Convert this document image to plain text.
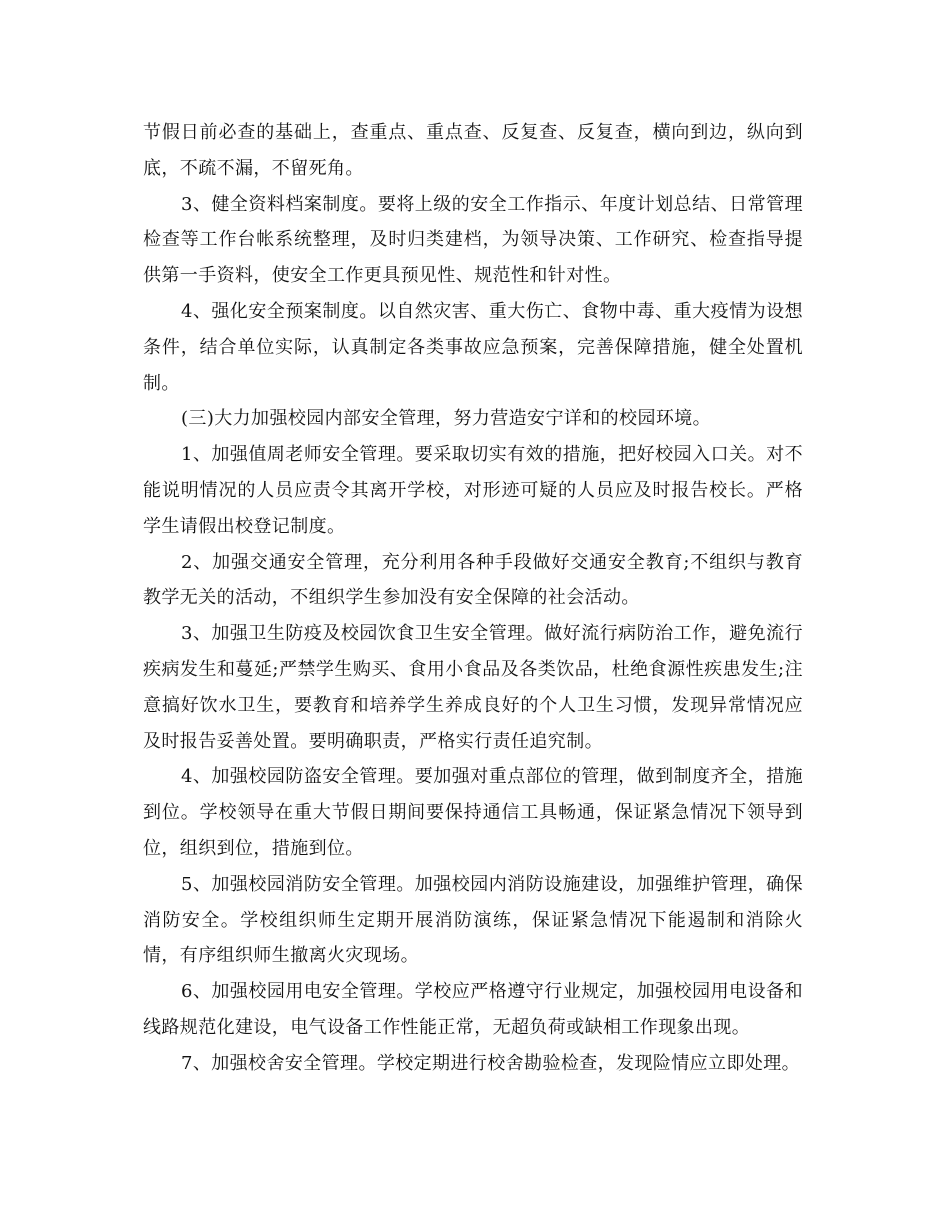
节假日前必查的基础上，查重点、重点查、反复查、反复查，横向到边，纵向到底，不疏不漏，不留死角。

3、健全资料档案制度。要将上级的安全工作指示、年度计划总结、日常管理检查等工作台帐系统整理，及时归类建档，为领导决策、工作研究、检查指导提供第一手资料，使安全工作更具预见性、规范性和针对性。

4、强化安全预案制度。以自然灾害、重大伤亡、食物中毒、重大疫情为设想条件，结合单位实际，认真制定各类事故应急预案，完善保障措施，健全处置机制。

(三)大力加强校园内部安全管理，努力营造安宁详和的校园环境。

1、加强值周老师安全管理。要采取切实有效的措施，把好校园入口关。对不能说明情况的人员应责令其离开学校，对形迹可疑的人员应及时报告校长。严格学生请假出校登记制度。

2、加强交通安全管理，充分利用各种手段做好交通安全教育;不组织与教育教学无关的活动，不组织学生参加没有安全保障的社会活动。

3、加强卫生防疫及校园饮食卫生安全管理。做好流行病防治工作，避免流行疾病发生和蔓延;严禁学生购买、食用小食品及各类饮品，杜绝食源性疾患发生;注意搞好饮水卫生，要教育和培养学生养成良好的个人卫生习惯，发现异常情况应及时报告妥善处置。要明确职责，严格实行责任追究制。

4、加强校园防盗安全管理。要加强对重点部位的管理，做到制度齐全，措施到位。学校领导在重大节假日期间要保持通信工具畅通，保证紧急情况下领导到位，组织到位，措施到位。

5、加强校园消防安全管理。加强校园内消防设施建设，加强维护管理，确保消防安全。学校组织师生定期开展消防演练，保证紧急情况下能遏制和消除火情，有序组织师生撤离火灾现场。

6、加强校园用电安全管理。学校应严格遵守行业规定，加强校园用电设备和线路规范化建设，电气设备工作性能正常，无超负荷或缺相工作现象出现。

7、加强校舍安全管理。学校定期进行校舍勘验检查，发现险情应立即处理。
